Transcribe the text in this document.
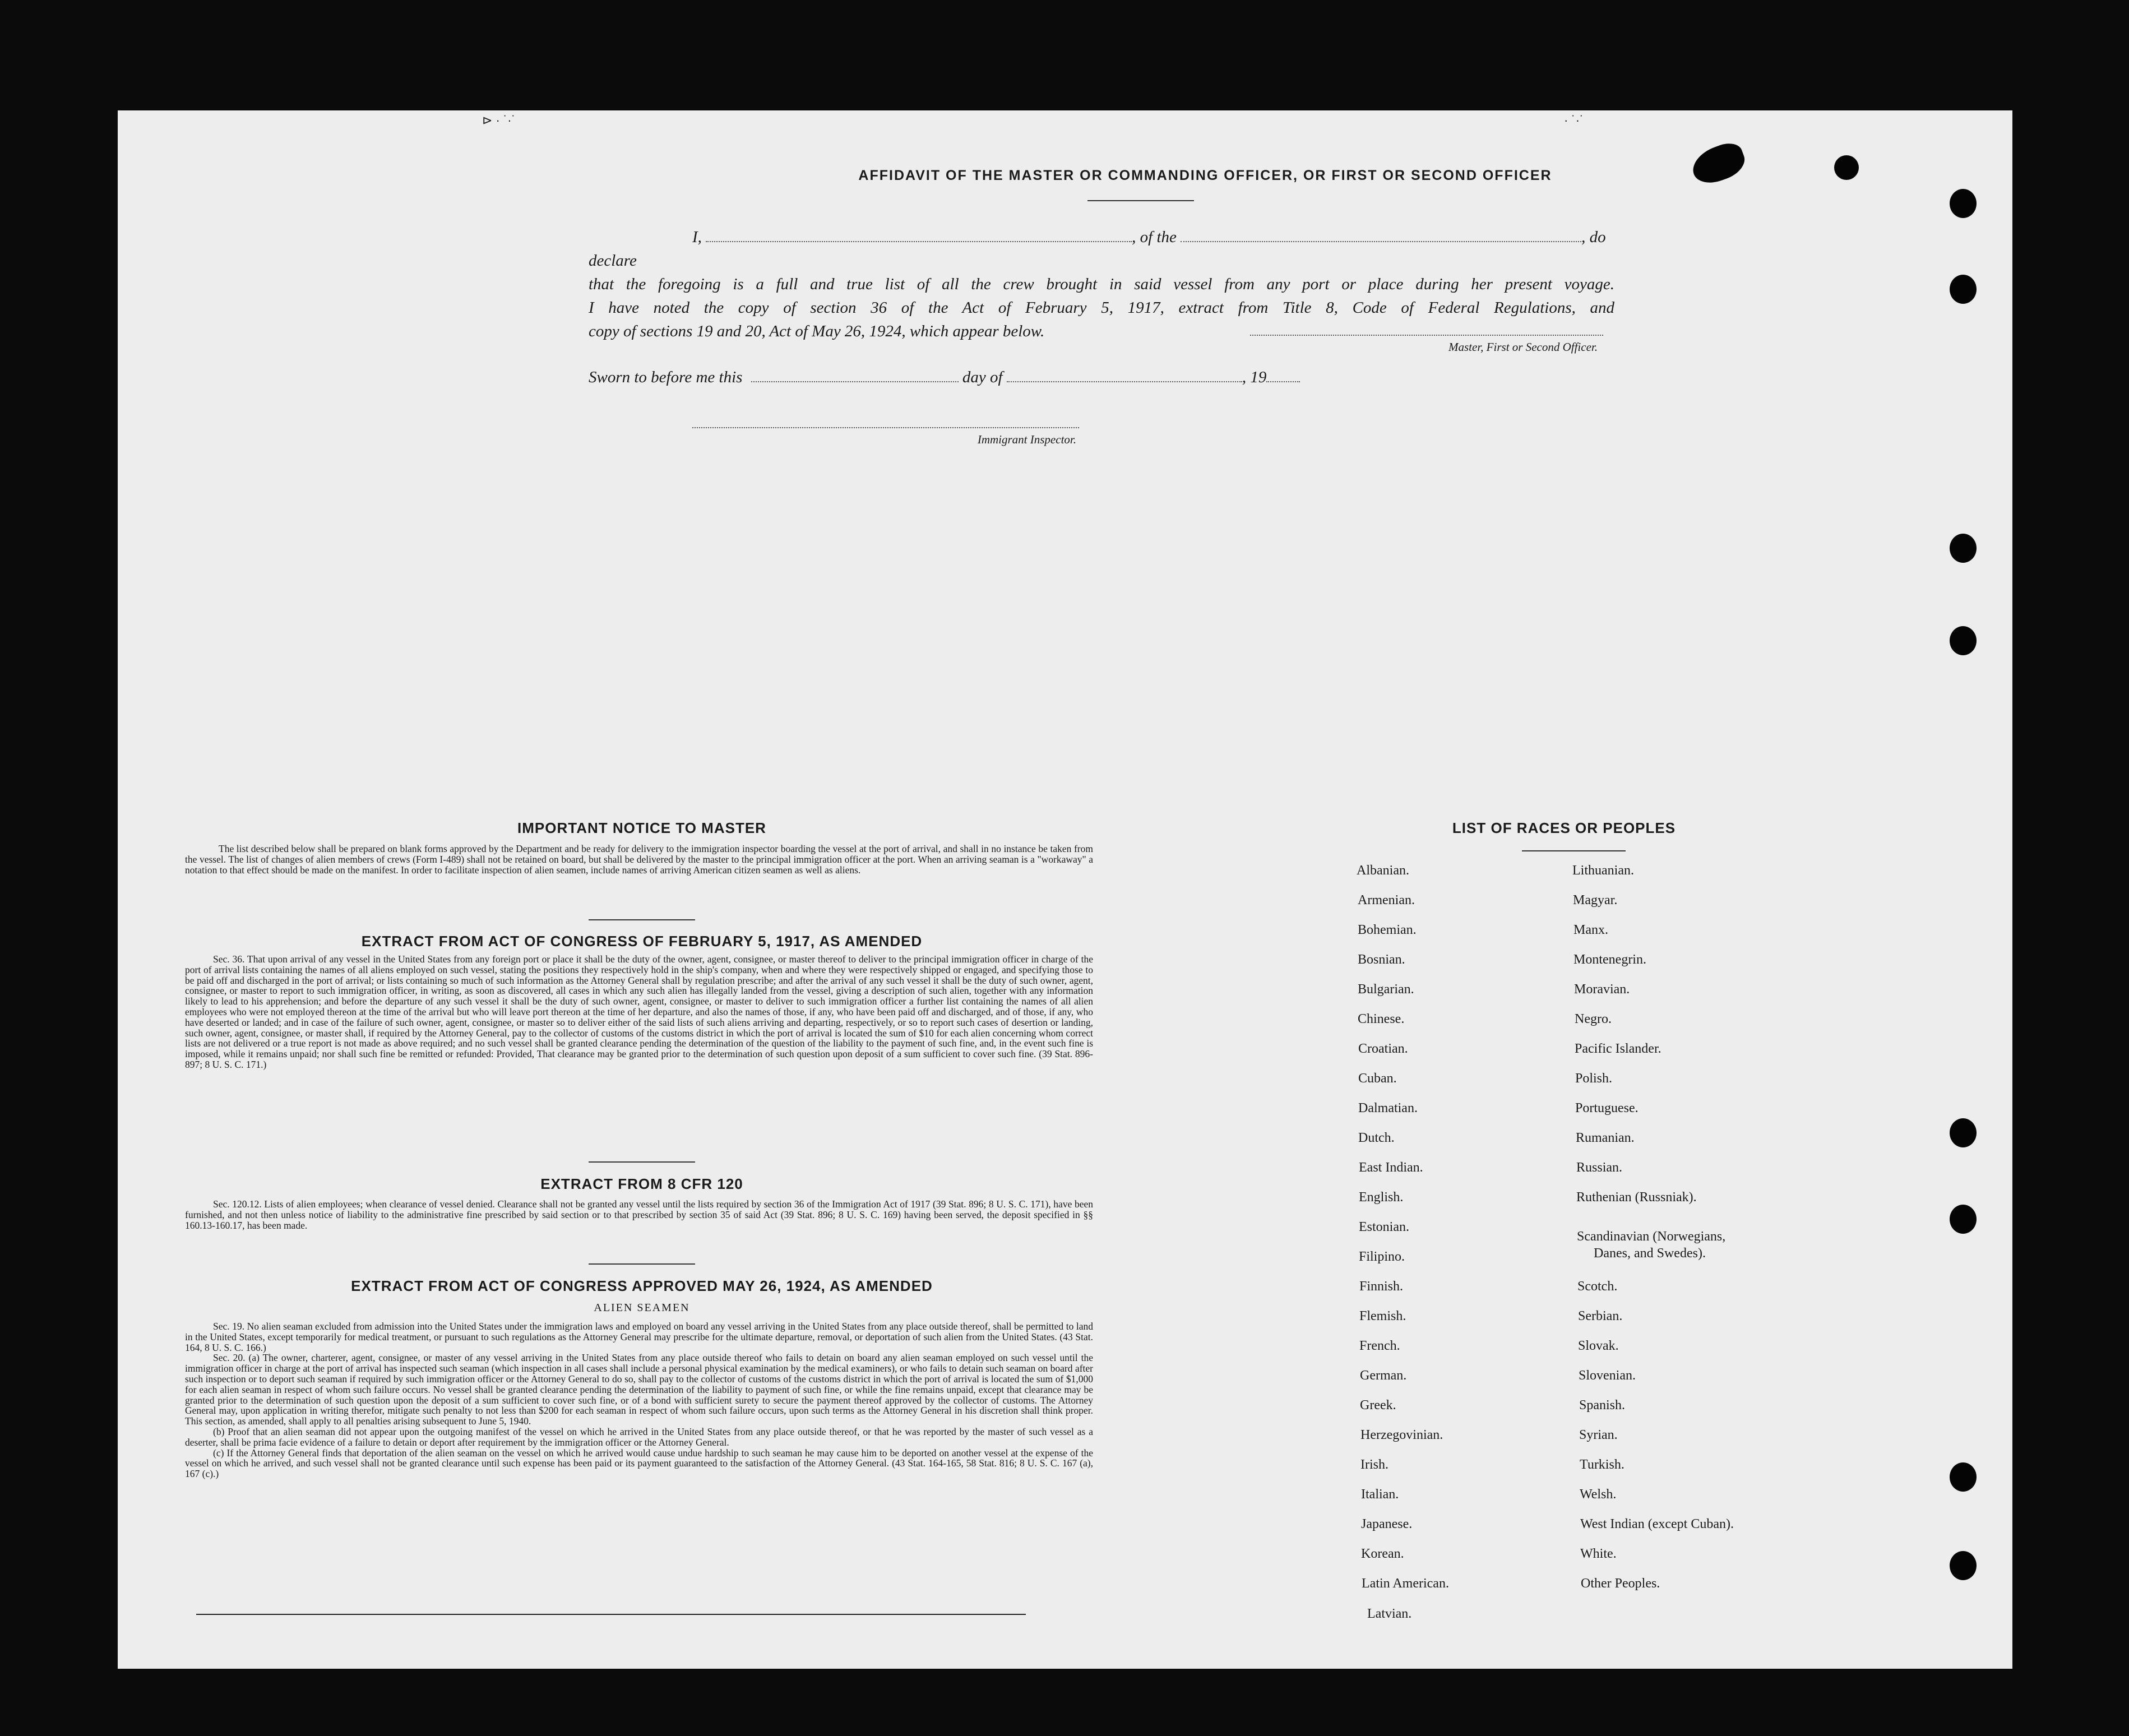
⊳ · ˙·˙	· ˙·˙
AFFIDAVIT OF THE MASTER OR COMMANDING OFFICER, OR FIRST OR SECOND OFFICER

I,	, of the	, do declare

that the foregoing is a full and true list of all the crew brought in said vessel from any port or place during her present voyage.

I have noted the copy of section 36 of the Act of February 5, 1917, extract from Title 8, Code of Federal Regulations, and

copy of sections 19 and 20, Act of May 26, 1924, which appear below.

Master, First or Second Officer.
Sworn to before me this	day of	, 19
Immigrant Inspector.
IMPORTANT NOTICE TO MASTER

The list described below shall be prepared on blank forms approved by the Department and be ready for delivery to the immigration inspector boarding the vessel at the port of arrival, and shall in no instance be taken from the vessel. The list of changes of alien members of crews (Form I-489) shall not be retained on board, but shall be delivered by the master to the principal immigration officer at the port. When an arriving seaman is a "workaway" a notation to that effect should be made on the manifest. In order to facilitate inspection of alien seamen, include names of arriving American citizen seamen as well as aliens.

EXTRACT FROM ACT OF CONGRESS OF FEBRUARY 5, 1917, AS AMENDED

Sec. 36. That upon arrival of any vessel in the United States from any foreign port or place it shall be the duty of the owner, agent, consignee, or master thereof to deliver to the principal immigration officer in charge of the port of arrival lists containing the names of all aliens employed on such vessel, stating the positions they respectively hold in the ship's company, when and where they were respectively shipped or engaged, and specifying those to be paid off and discharged in the port of arrival; or lists containing so much of such information as the Attorney General shall by regulation prescribe; and after the arrival of any such vessel it shall be the duty of such owner, agent, consignee, or master to report to such immigration officer, in writing, as soon as discovered, all cases in which any such alien has illegally landed from the vessel, giving a description of such alien, together with any information likely to lead to his apprehension; and before the departure of any such vessel it shall be the duty of such owner, agent, consignee, or master to deliver to such immigration officer a further list containing the names of all alien employees who were not employed thereon at the time of the arrival but who will leave port thereon at the time of her departure, and also the names of those, if any, who have been paid off and discharged, and of those, if any, who have deserted or landed; and in case of the failure of such owner, agent, consignee, or master so to deliver either of the said lists of such aliens arriving and departing, respectively, or so to report such cases of desertion or landing, such owner, agent, consignee, or master shall, if required by the Attorney General, pay to the collector of customs of the customs district in which the port of arrival is located the sum of $10 for each alien concerning whom correct lists are not delivered or a true report is not made as above required; and no such vessel shall be granted clearance pending the determination of the question of the liability to the payment of such fine, and, in the event such fine is imposed, while it remains unpaid; nor shall such fine be remitted or refunded: Provided, That clearance may be granted prior to the determination of such question upon deposit of a sum sufficient to cover such fine. (39 Stat. 896-897; 8 U. S. C. 171.)

EXTRACT FROM 8 CFR 120

Sec. 120.12. Lists of alien employees; when clearance of vessel denied. Clearance shall not be granted any vessel until the lists required by section 36 of the Immigration Act of 1917 (39 Stat. 896; 8 U. S. C. 171), have been furnished, and not then unless notice of liability to the administrative fine prescribed by said section or to that prescribed by section 35 of said Act (39 Stat. 896; 8 U. S. C. 169) having been served, the deposit specified in §§ 160.13-160.17, has been made.

EXTRACT FROM ACT OF CONGRESS APPROVED MAY 26, 1924, AS AMENDED
ALIEN SEAMEN

Sec. 19. No alien seaman excluded from admission into the United States under the immigration laws and employed on board any vessel arriving in the United States from any place outside thereof, shall be permitted to land in the United States, except temporarily for medical treatment, or pursuant to such regulations as the Attorney General may prescribe for the ultimate departure, removal, or deportation of such alien from the United States. (43 Stat. 164, 8 U. S. C. 166.)

Sec. 20. (a) The owner, charterer, agent, consignee, or master of any vessel arriving in the United States from any place outside thereof who fails to detain on board any alien seaman employed on such vessel until the immigration officer in charge at the port of arrival has inspected such seaman (which inspection in all cases shall include a personal physical examination by the medical examiners), or who fails to detain such seaman on board after such inspection or to deport such seaman if required by such immigration officer or the Attorney General to do so, shall pay to the collector of customs of the customs district in which the port of arrival is located the sum of $1,000 for each alien seaman in respect of whom such failure occurs. No vessel shall be granted clearance pending the determination of the liability to payment of such fine, or while the fine remains unpaid, except that clearance may be granted prior to the determination of such question upon the deposit of a sum sufficient to cover such fine, or of a bond with sufficient surety to secure the payment thereof approved by the collector of customs. The Attorney General may, upon application in writing therefor, mitigate such penalty to not less than $200 for each seaman in respect of whom such failure occurs, upon such terms as the Attorney General in his discretion shall think proper. This section, as amended, shall apply to all penalties arising subsequent to June 5, 1940.

(b) Proof that an alien seaman did not appear upon the outgoing manifest of the vessel on which he arrived in the United States from any place outside thereof, or that he was reported by the master of such vessel as a deserter, shall be prima facie evidence of a failure to detain or deport after requirement by the immigration officer or the Attorney General.

(c) If the Attorney General finds that deportation of the alien seaman on the vessel on which he arrived would cause undue hardship to such seaman he may cause him to be deported on another vessel at the expense of the vessel on which he arrived, and such vessel shall not be granted clearance until such expense has been paid or its payment guaranteed to the satisfaction of the Attorney General. (43 Stat. 164-165, 58 Stat. 816; 8 U. S. C. 167 (a), 167 (c).)

LIST OF RACES OR PEOPLES
Albanian.
Armenian.
Bohemian.
Bosnian.
Bulgarian.
Chinese.
Croatian.
Cuban.
Dalmatian.
Dutch.
East Indian.
English.
Estonian.
Filipino.
Finnish.
Flemish.
French.
German.
Greek.
Herzegovinian.
Irish.
Italian.
Japanese.
Korean.
Latin American.
Latvian.
Lithuanian.
Magyar.
Manx.
Montenegrin.
Moravian.
Negro.
Pacific Islander.
Polish.
Portuguese.
Rumanian.
Russian.
Ruthenian (Russniak).
Scandinavian (Norwegians,
Danes, and Swedes).
Scotch.
Serbian.
Slovak.
Slovenian.
Spanish.
Syrian.
Turkish.
Welsh.
West Indian (except Cuban).
White.
Other Peoples.
